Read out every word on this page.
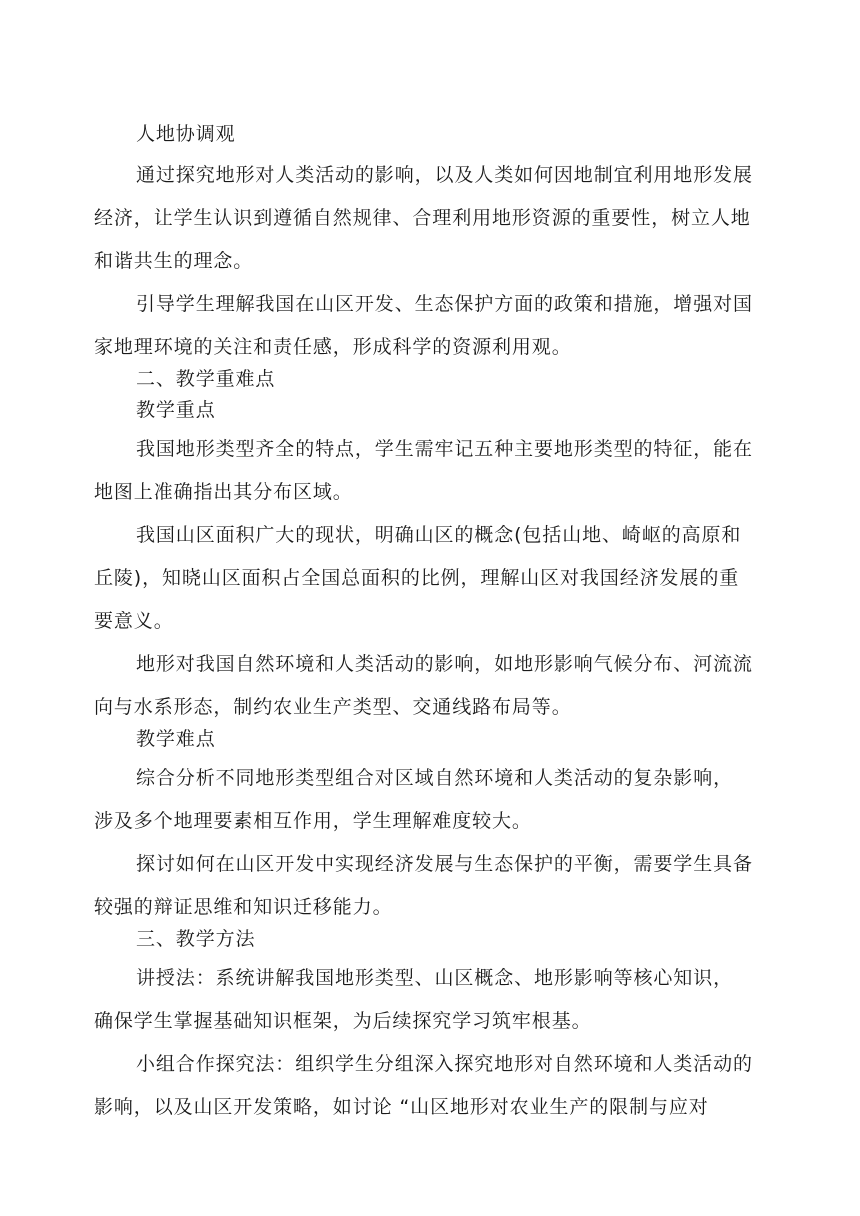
人地协调观
通过探究地形对人类活动的影响，以及人类如何因地制宜利用地形发展
经济，让学生认识到遵循自然规律、合理利用地形资源的重要性，树立人地
和谐共生的理念。
引导学生理解我国在山区开发、生态保护方面的政策和措施，增强对国
家地理环境的关注和责任感，形成科学的资源利用观。
二、教学重难点
教学重点
我国地形类型齐全的特点，学生需牢记五种主要地形类型的特征，能在
地图上准确指出其分布区域。
我国山区面积广大的现状，明确山区的概念(包括山地、崎岖的高原和
丘陵)，知晓山区面积占全国总面积的比例，理解山区对我国经济发展的重
要意义。
地形对我国自然环境和人类活动的影响，如地形影响气候分布、河流流
向与水系形态，制约农业生产类型、交通线路布局等。
教学难点
综合分析不同地形类型组合对区域自然环境和人类活动的复杂影响，
涉及多个地理要素相互作用，学生理解难度较大。
探讨如何在山区开发中实现经济发展与生态保护的平衡，需要学生具备
较强的辩证思维和知识迁移能力。
三、教学方法
讲授法：系统讲解我国地形类型、山区概念、地形影响等核心知识，
确保学生掌握基础知识框架，为后续探究学习筑牢根基。
小组合作探究法：组织学生分组深入探究地形对自然环境和人类活动的
影响，以及山区开发策略，如讨论 “山区地形对农业生产的限制与应对
